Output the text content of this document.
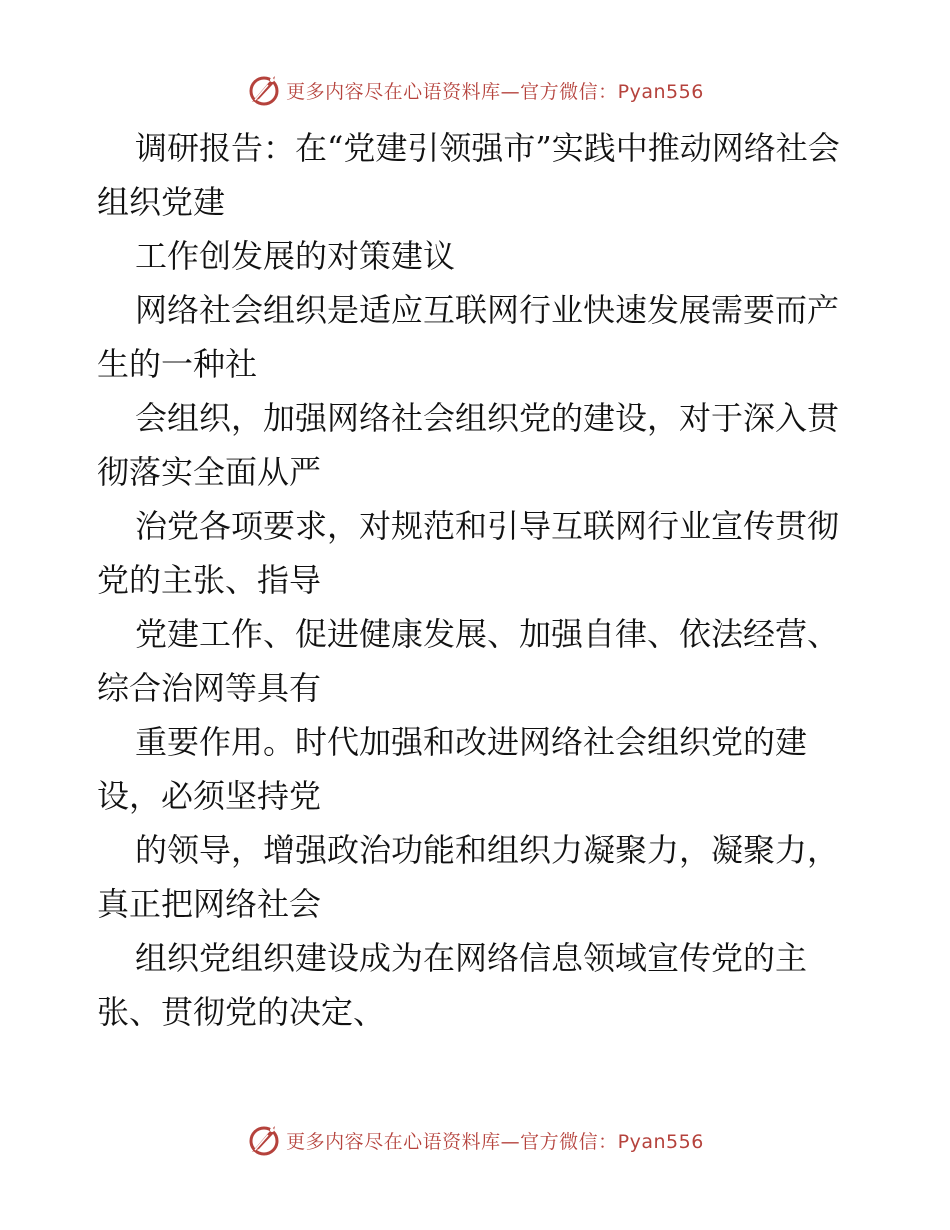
更多内容尽在心语资料库—官方微信：Pyan556

调研报告：在“党建引领强市”实践中推动网络社会组织党建

工作创发展的对策建议

网络社会组织是适应互联网行业快速发展需要而产生的一种社

会组织，加强网络社会组织党的建设，对于深入贯彻落实全面从严

治党各项要求，对规范和引导互联网行业宣传贯彻党的主张、指导

党建工作、促进健康发展、加强自律、依法经营、综合治网等具有

重要作用。时代加强和改进网络社会组织党的建设，必须坚持党

的领导，增强政治功能和组织力凝聚力，凝聚力，真正把网络社会

组织党组织建设成为在网络信息领域宣传党的主张、贯彻党的决定、

更多内容尽在心语资料库—官方微信：Pyan556
